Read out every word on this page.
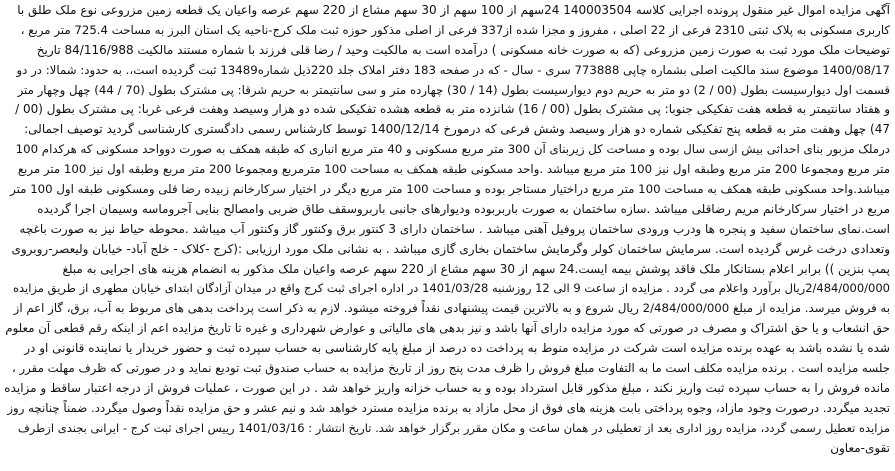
آگهی مزایده اموال غیر منقول پرونده اجرایی کلاسه 140003504 24سهم از 100 سهم از 30 سهم مشاع از 220 سهم عرصه واعیان یک قطعه زمین مزروعی نوع ملک طلق با
کاربری مسکونی به پلاک ثبتی 2310 فرعی از 22 اصلی ، مفروز و مجزا شده از337 فرعی از اصلی مذکور حوزه ثبت ملک کرج-ناحیه یک استان البرز به مساحت 725.4 متر مربع ،
توضیحات ملک مورد ثبت به صورت زمین مزروعی (که به صورت خانه مسکونی ) درآمده است به مالکیت وحید / رضا قلی فرزند با شماره مستند مالکیت 84/116/988 تاریخ
1400/08/17 موضوع سند مالکیت اصلی بشماره چاپی 773888 سری - سال - که در صفحه 183 دفتر املاک جلد 220ذیل شماره13489 ثبت گردیده است،. به حدود: شمالا: در دو
قسمت اول دیوارسیست بطول (00 / 2) دو متر به حریم دوم دیوارسیست بطول (14 / 30) چهارده متر و سی سانتیمتر به حریم شرقا: پی مشترک بطول (70 / 44) چهل وچهار متر
و هفتاد سانتیمتر به قطعه هفت تفکیکی جنوبا: پی مشترک بطول (00 / 16) شانزده متر به قطعه هشده تفکیکی شده دو هزار وسیصد وهفت فرعی غربا: پی مشترک بطول (00 /
47) چهل وهفت متر به قطعه پنج تفکیکی شماره دو هزار وسیصد وشش فرعی که درمورخ 1400/12/14 توسط کارشناس رسمی دادگستری کارشناسی گردید توصیف اجمالی:
درملک مزبور بنای احداثی بیش ازسی سال بوده و مساحت کل زیربنای آن 300 متر مربع مسکونی و 40 متر مربع انباری که طبقه همکف به صورت دوواحد مسکونی که هرکدام 100
متر مربع ومجموعا 200 متر مربع وطبقه اول نیز 100 متر مربع میباشد .واحد مسکونی طبقه همکف به مساحت 100 مترمربع ومجموعا 200 متر مربع وطبقه اول نیز 100 متر مربع
میباشد.واحد مسکونی طبقه همکف به مساحت 100 متر مربع دراختیار مستاجر بوده و مساحت 100 متر مربع دیگر در اختیار سرکارخانم زبیده رضا قلی ومسکونی طبقه اول 100 متر
مربع در اختیار سرکارخانم مریم رضاقلی میباشد .سازه ساختمان به صورت باربربوده ودیوارهای جانبی باربروسقف طاق ضربی وامصالح بنایی آجروماسه وسیمان اجرا گردیده
است.نمای ساختمان سفید و پنجره ها ودرب ورودی ساختمان پروفیل آهنی میباشد . ساختمان دارای 3 کنتور برق وکنتور گاز وکنتور آب میباشد .محوطه حیاط نیز به صورت باغچه
وتعدادی درخت غرس گردیده است. سرمایش ساختمان کولر وگرمایش ساختمان بخاری گازی میباشد . به نشانی ملک مورد ارزیابی :(کرج -کلاک - خلج آباد- خیابان ولیعصر-روبروی
پمپ بنزین )) برابر اعلام بستانکار ملک فاقد پوشش بیمه ایست.24 سهم از 30 سهم مشاع از 220 سهم عرصه واعیان ملک مذکور به انضمام هزینه های اجرایی به مبلغ
2/484/000/000ریال برآورد واعلام می گردد . مزایده از ساعت 9 الی 12 روزشنبه 1401/03/28 در اداره اجرای ثبت کرج واقع در میدان آزادگان ابتدای خیابان مطهری از طریق مزایده
به فروش میرسد. مزایده از مبلغ 2/484/000/000 ریال شروع و به بالاترین قیمت پیشنهادی نقداً فروخته میشود. لازم به ذکر است پرداخت بدهی های مربوط به آب، برق، گاز اعم از
حق انشعاب و یا حق اشتراک و مصرف در صورتی که مورد مزایده دارای آنها باشد و نیز بدهی های مالیاتی و عوارض شهرداری و غیره تا تاریخ مزایده اعم از اینکه رقم قطعی آن معلوم
شده یا نشده باشد به عهده برنده مزایده است شرکت در مزایده منوط به پرداخت ده درصد از مبلغ پایه کارشناسی به حساب سپرده ثبت و حضور خریدار یا نماینده قانونی او در
جلسه مزایده است . برنده مزایده مکلف است ما به التفاوت مبلغ فروش را ظرف مدت پنج روز از تاریخ مزایده به حساب صندوق ثبت تودیع نماید و در صورتی که ظرف مهلت مقرر ،
مانده فروش را به حساب سپرده ثبت واریز نکند ، مبلغ مذکور قابل استرداد بوده و به حساب خزانه واریز خواهد شد . در این صورت ، عملیات فروش از درجه اعتبار ساقط و مزایده
تجدید میگردد. درصورت وجود مازاد، وجوه پرداختی بابت هزینه های فوق از محل مازاد به برنده مزایده مسترد خواهد شد و نیم عشر و حق مزایده نقداً وصول میگردد. ضمناً چنانچه روز
مزایده تعطیل رسمی گردد، مزایده روز اداری بعد از تعطیلی در همان ساعت و مکان مقرر برگزار خواهد شد. تاریخ انتشار : 1401/03/16 رییس اجرای ثبت کرج - ایرانی بجندی ازطرف
تقوی-معاون
